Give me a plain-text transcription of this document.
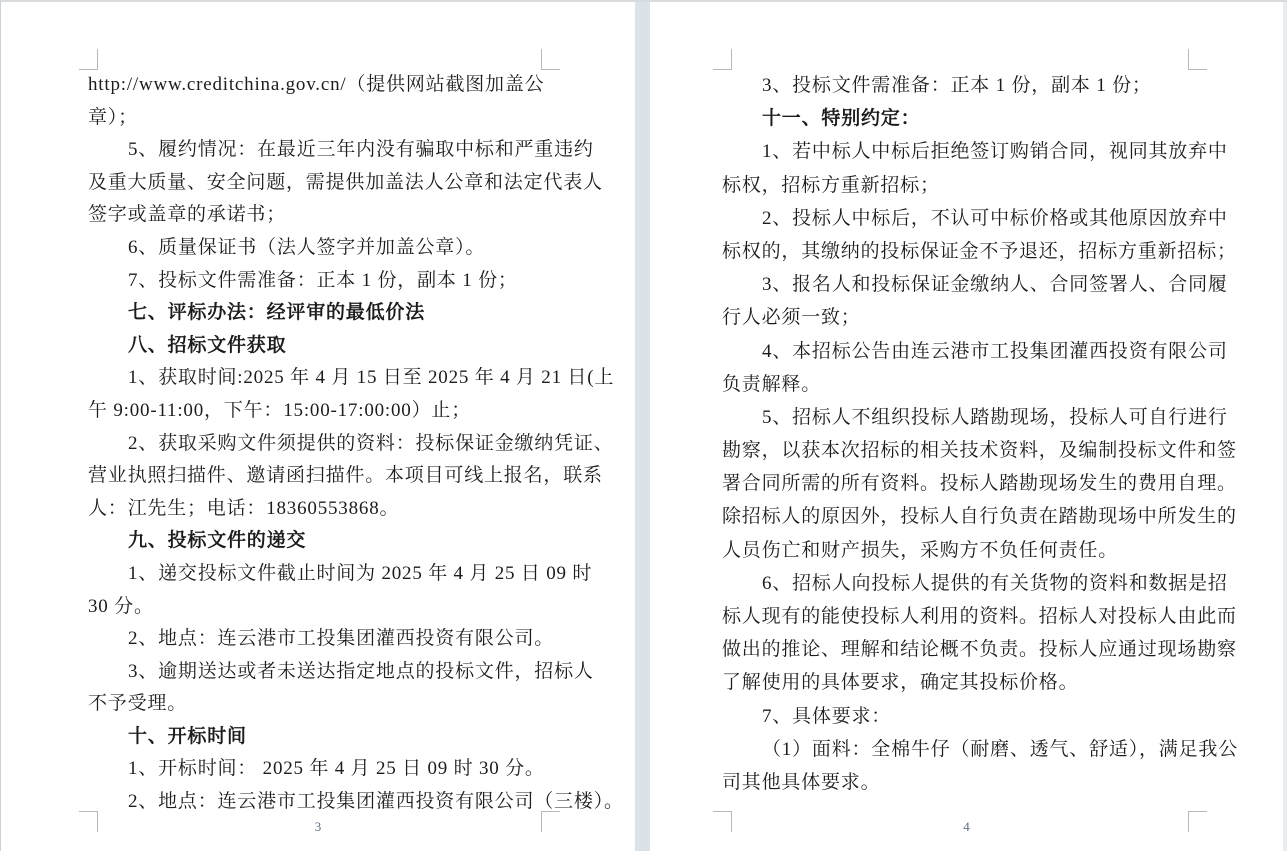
http://www.creditchina.gov.cn/（提供网站截图加盖公
章）；
5、履约情况：在最近三年内没有骗取中标和严重违约
及重大质量、安全问题，需提供加盖法人公章和法定代表人
签字或盖章的承诺书；
6、质量保证书（法人签字并加盖公章）。
7、投标文件需准备：正本 1 份，副本 1 份；
七、评标办法：经评审的最低价法
八、招标文件获取
1、获取时间:2025 年 4 月 15 日至 2025 年 4 月 21 日(上
午 9:00-11:00，下午：15:00-17:00:00）止；
2、获取采购文件须提供的资料：投标保证金缴纳凭证、
营业执照扫描件、邀请函扫描件。本项目可线上报名，联系
人：江先生；电话：18360553868。
九、投标文件的递交
1、递交投标文件截止时间为 2025 年 4 月 25 日 09 时
30 分。
2、地点：连云港市工投集团灌西投资有限公司。
3、逾期送达或者未送达指定地点的投标文件，招标人
不予受理。
十、开标时间
1、开标时间： 2025 年 4 月 25 日 09 时 30 分。
2、地点：连云港市工投集团灌西投资有限公司（三楼）。
3
3、投标文件需准备：正本 1 份，副本 1 份；
十一、特别约定：
1、若中标人中标后拒绝签订购销合同，视同其放弃中
标权，招标方重新招标；
2、投标人中标后，不认可中标价格或其他原因放弃中
标权的，其缴纳的投标保证金不予退还，招标方重新招标；
3、报名人和投标保证金缴纳人、合同签署人、合同履
行人必须一致；
4、本招标公告由连云港市工投集团灌西投资有限公司
负责解释。
5、招标人不组织投标人踏勘现场，投标人可自行进行
勘察，以获本次招标的相关技术资料，及编制投标文件和签
署合同所需的所有资料。投标人踏勘现场发生的费用自理。
除招标人的原因外，投标人自行负责在踏勘现场中所发生的
人员伤亡和财产损失，采购方不负任何责任。
6、招标人向投标人提供的有关货物的资料和数据是招
标人现有的能使投标人利用的资料。招标人对投标人由此而
做出的推论、理解和结论概不负责。投标人应通过现场勘察
了解使用的具体要求，确定其投标价格。
7、具体要求：
（1）面料：全棉牛仔（耐磨、透气、舒适），满足我公
司其他具体要求。
4
